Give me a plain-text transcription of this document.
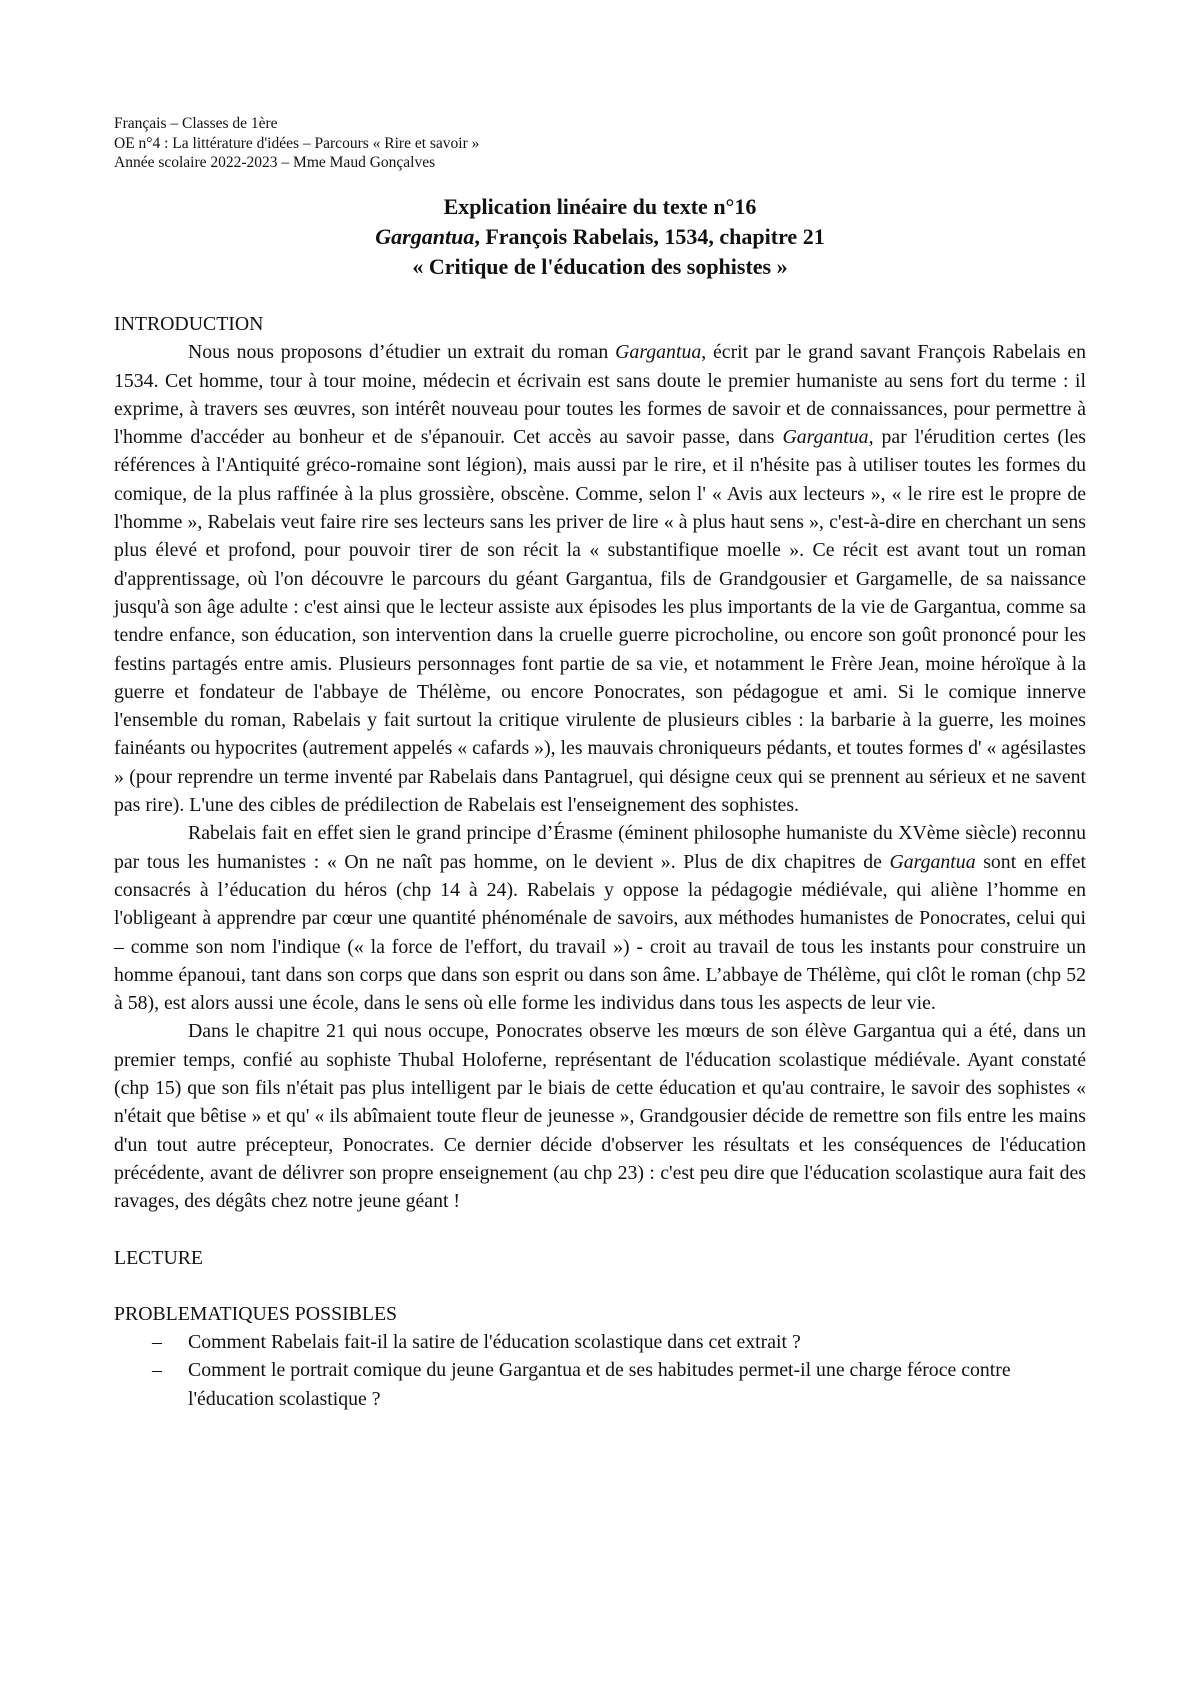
Français – Classes de 1ère
OE n°4 : La littérature d'idées – Parcours « Rire et savoir »
Année scolaire 2022-2023 – Mme Maud Gonçalves
Explication linéaire du texte n°16
Gargantua, François Rabelais, 1534, chapitre 21
« Critique de l'éducation des sophistes »
INTRODUCTION

Nous nous proposons d’étudier un extrait du roman Gargantua, écrit par le grand savant François Rabelais en 1534. Cet homme, tour à tour moine, médecin et écrivain est sans doute le premier humaniste au sens fort du terme : il exprime, à travers ses œuvres, son intérêt nouveau pour toutes les formes de savoir et de connaissances, pour permettre à l'homme d'accéder au bonheur et de s'épanouir. Cet accès au savoir passe, dans Gargantua, par l'érudition certes (les références à l'Antiquité gréco-romaine sont légion), mais aussi par le rire, et il n'hésite pas à utiliser toutes les formes du comique, de la plus raffinée à la plus grossière, obscène. Comme, selon l' « Avis aux lecteurs », « le rire est le propre de l'homme », Rabelais veut faire rire ses lecteurs sans les priver de lire « à plus haut sens », c'est-à-dire en cherchant un sens plus élevé et profond, pour pouvoir tirer de son récit la « substantifique moelle ». Ce récit est avant tout un roman d'apprentissage, où l'on découvre le parcours du géant Gargantua, fils de Grandgousier et Gargamelle, de sa naissance jusqu'à son âge adulte : c'est ainsi que le lecteur assiste aux épisodes les plus importants de la vie de Gargantua, comme sa tendre enfance, son éducation, son intervention dans la cruelle guerre picrocholine, ou encore son goût prononcé pour les festins partagés entre amis. Plusieurs personnages font partie de sa vie, et notamment le Frère Jean, moine héroïque à la guerre et fondateur de l'abbaye de Thélème, ou encore Ponocrates, son pédagogue et ami. Si le comique innerve l'ensemble du roman, Rabelais y fait surtout la critique virulente de plusieurs cibles : la barbarie à la guerre, les moines fainéants ou hypocrites (autrement appelés « cafards »), les mauvais chroniqueurs pédants, et toutes formes d' « agésilastes » (pour reprendre un terme inventé par Rabelais dans Pantagruel, qui désigne ceux qui se prennent au sérieux et ne savent pas rire). L'une des cibles de prédilection de Rabelais est l'enseignement des sophistes.

Rabelais fait en effet sien le grand principe d’Érasme (éminent philosophe humaniste du XVème siècle) reconnu par tous les humanistes : « On ne naît pas homme, on le devient ». Plus de dix chapitres de Gargantua sont en effet consacrés à l’éducation du héros (chp 14 à 24). Rabelais y oppose la pédagogie médiévale, qui aliène l’homme en l'obligeant à apprendre par cœur une quantité phénoménale de savoirs, aux méthodes humanistes de Ponocrates, celui qui – comme son nom l'indique (« la force de l'effort, du travail ») - croit au travail de tous les instants pour construire un homme épanoui, tant dans son corps que dans son esprit ou dans son âme. L’abbaye de Thélème, qui clôt le roman (chp 52 à 58), est alors aussi une école, dans le sens où elle forme les individus dans tous les aspects de leur vie.

Dans le chapitre 21 qui nous occupe, Ponocrates observe les mœurs de son élève Gargantua qui a été, dans un premier temps, confié au sophiste Thubal Holoferne, représentant de l'éducation scolastique médiévale. Ayant constaté (chp 15) que son fils n'était pas plus intelligent par le biais de cette éducation et qu'au contraire, le savoir des sophistes « n'était que bêtise » et qu' « ils abîmaient toute fleur de jeunesse », Grandgousier décide de remettre son fils entre les mains d'un tout autre précepteur, Ponocrates. Ce dernier décide d'observer les résultats et les conséquences de l'éducation précédente, avant de délivrer son propre enseignement (au chp 23) : c'est peu dire que l'éducation scolastique aura fait des ravages, des dégâts chez notre jeune géant !

LECTURE
PROBLEMATIQUES POSSIBLES
– Comment Rabelais fait-il la satire de l'éducation scolastique dans cet extrait ?
– Comment le portrait comique du jeune Gargantua et de ses habitudes permet-il une charge féroce contre l'éducation scolastique ?
